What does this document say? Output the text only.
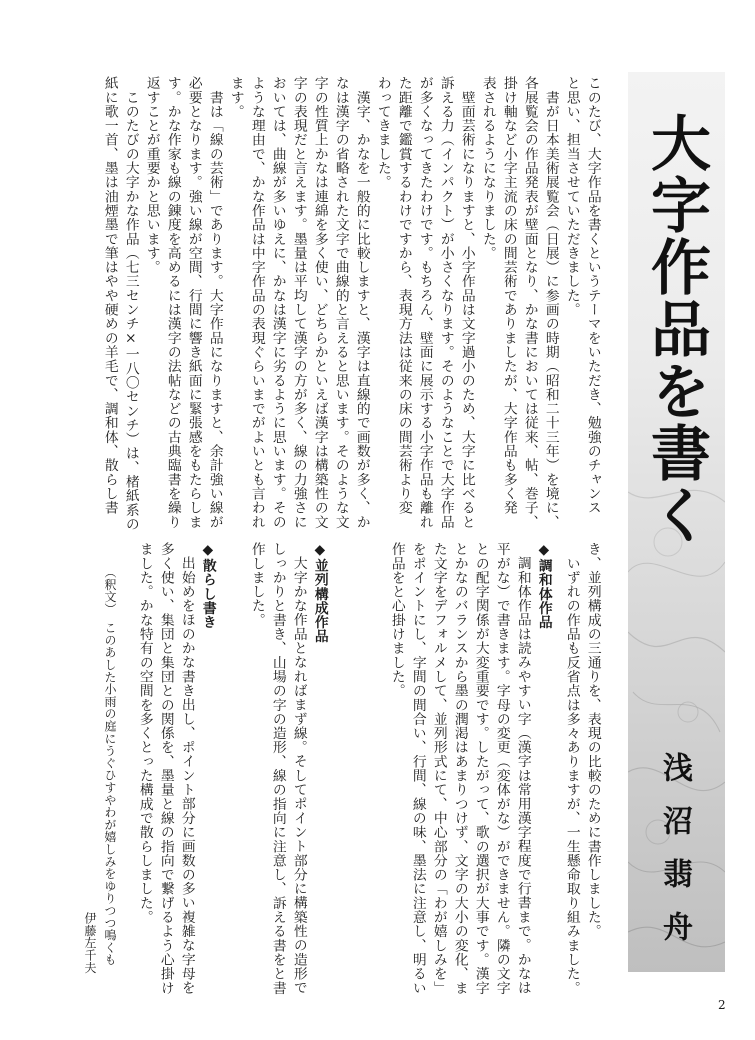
大字作品を書く
浅沼翡舟
このたび、大字作品を書くというテーマをいただき、勉強のチャンス
と思い、担当させていただきました。
　書が日本美術展覧会（日展）に参画の時期（昭和二十三年）を境に、
各展覧会の作品発表が壁面となり、かな書においては従来、帖、巻子、
掛け軸など小字主流の床の間芸術でありましたが、大字作品も多く発
表されるようになりました。
　壁面芸術になりますと、小字作品は文字過小のため、大字に比べると
訴える力（インパクト）が小さくなります。そのようなことで大字作品
が多くなってきたわけです。もちろん、壁面に展示する小字作品も離れ
た距離で鑑賞するわけですから、表現方法は従来の床の間芸術より変
わってきました。
　漢字、かなを一般的に比較しますと、漢字は直線的で画数が多く、か
なは漢字の省略された文字で曲線的と言えると思います。そのような文
字の性質上かなは連綿を多く使い、どちらかといえば漢字は構築性の文
字の表現だと言えます。墨量は平均して漢字の方が多く、線の力強さに
おいては、曲線が多いゆえに、かなは漢字に劣るように思います。その
ような理由で、かな作品は中字作品の表現ぐらいまでがよいとも言われ
ます。
　書は「線の芸術」であります。大字作品になりますと、余計強い線が
必要となります。強い線が空間、行間に響き紙面に緊張感をもたらしま
す。かな作家も線の錬度を高めるには漢字の法帖などの古典臨書を繰り
返すことが重要かと思います。
　このたびの大字かな作品（七三センチ×一八〇センチ）は、楮紙系の
紙に歌一首、墨は油煙墨で筆はやや硬めの羊毛で、調和体、散らし書
き、並列構成の三通りを、表現の比較のために書作しました。
　いずれの作品も反省点は多々ありますが、一生懸命取り組みました。
◆調和体作品
調和体作品は読みやすい字（漢字は常用漢字程度で行書まで。かなは
平がな）で書きます。字母の変更（変体がな）ができません。隣の文字
との配字関係が大変重要です。したがって、歌の選択が大事です。漢字
とかなのバランスから墨の潤渇はあまりつけず、文字の大小の変化、ま
た文字をデフォルメして、並列形式にて、中心部分の「わが嬉しみを」
をポイントにし、字間の間合い、行間、線の味、墨法に注意し、明るい
作品をと心掛けました。
◆並列構成作品
大字かな作品となればまず線。そしてポイント部分に構築性の造形で
しっかりと書き、山場の字の造形、線の指向に注意し、訴える書をと書
作しました。
◆散らし書き
出始めをほのかな書き出し、ポイント部分に画数の多い複雑な字母を
多く使い、集団と集団との関係を、墨量と線の指向で繋げるよう心掛け
ました。かな特有の空間を多くとった構成で散らしました。
（釈文）　このあした小雨の庭にうぐひすやわが嬉しみをゆりつつ鳴くも
伊藤左千夫
2
